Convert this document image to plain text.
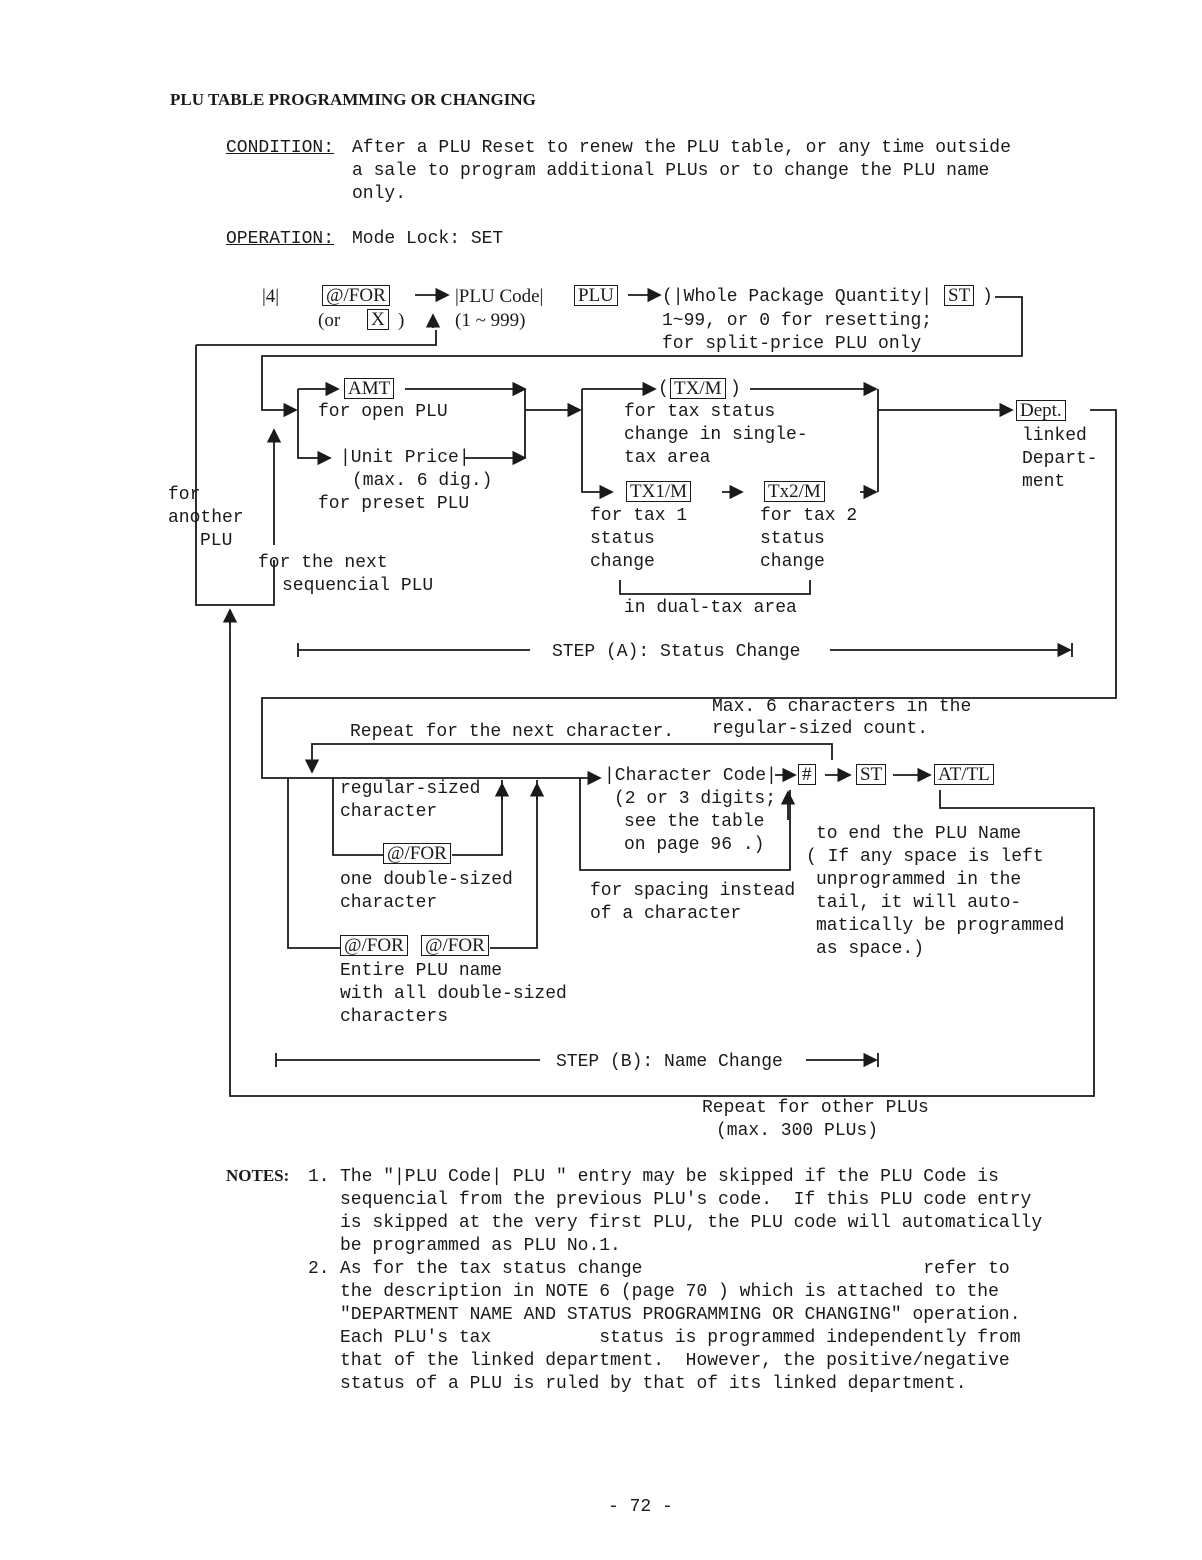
PLU TABLE PROGRAMMING OR CHANGING
CONDITION: After a PLU Reset to renew the PLU table, or any time outside
a sale to program additional PLUs or to change the PLU name
only.
OPERATION: Mode Lock: SET
|4| @/FOR
(or X )
|PLU Code| PLU
(1 ~ 999)
(|Whole Package Quantity| ST )
1~99, or 0 for resetting;
for split-price PLU only
AMT
for open PLU
|Unit Price|
(max. 6 dig.)
for preset PLU
for
another
PLU
for the next
sequencial PLU
( TX/M )
for tax status
change in single-
tax area
TX1/M	Tx2/M
for tax 1
status
change
for tax 2
status
change
in dual-tax area
Dept.
linked
Depart-
ment
STEP (A): Status Change
Max. 6 characters in the
regular-sized count.
Repeat for the next character.
regular-sized
character
@/FOR
one double-sized
character
@/FOR @/FOR
Entire PLU name
with all double-sized
characters
|Character Code|
(2 or 3 digits;
see the table
on page 96 .)
#	ST	AT/TL
for spacing instead
of a character
to end the PLU Name
( If any space is left
unprogrammed in the
tail, it will auto-
matically be programmed
as space.)
STEP (B): Name Change
Repeat for other PLUs
(max. 300 PLUs)
NOTES: 1. The "|PLU Code| PLU " entry may be skipped if the PLU Code is
sequencial from the previous PLU's code.  If this PLU code entry
is skipped at the very first PLU, the PLU code will automatically
be programmed as PLU No.1.
2. As for the tax status change                          refer to
the description in NOTE 6 (page 70 ) which is attached to the
"DEPARTMENT NAME AND STATUS PROGRAMMING OR CHANGING" operation.
Each PLU's tax          status is programmed independently from
that of the linked department.  However, the positive/negative
status of a PLU is ruled by that of its linked department.
- 72 -
